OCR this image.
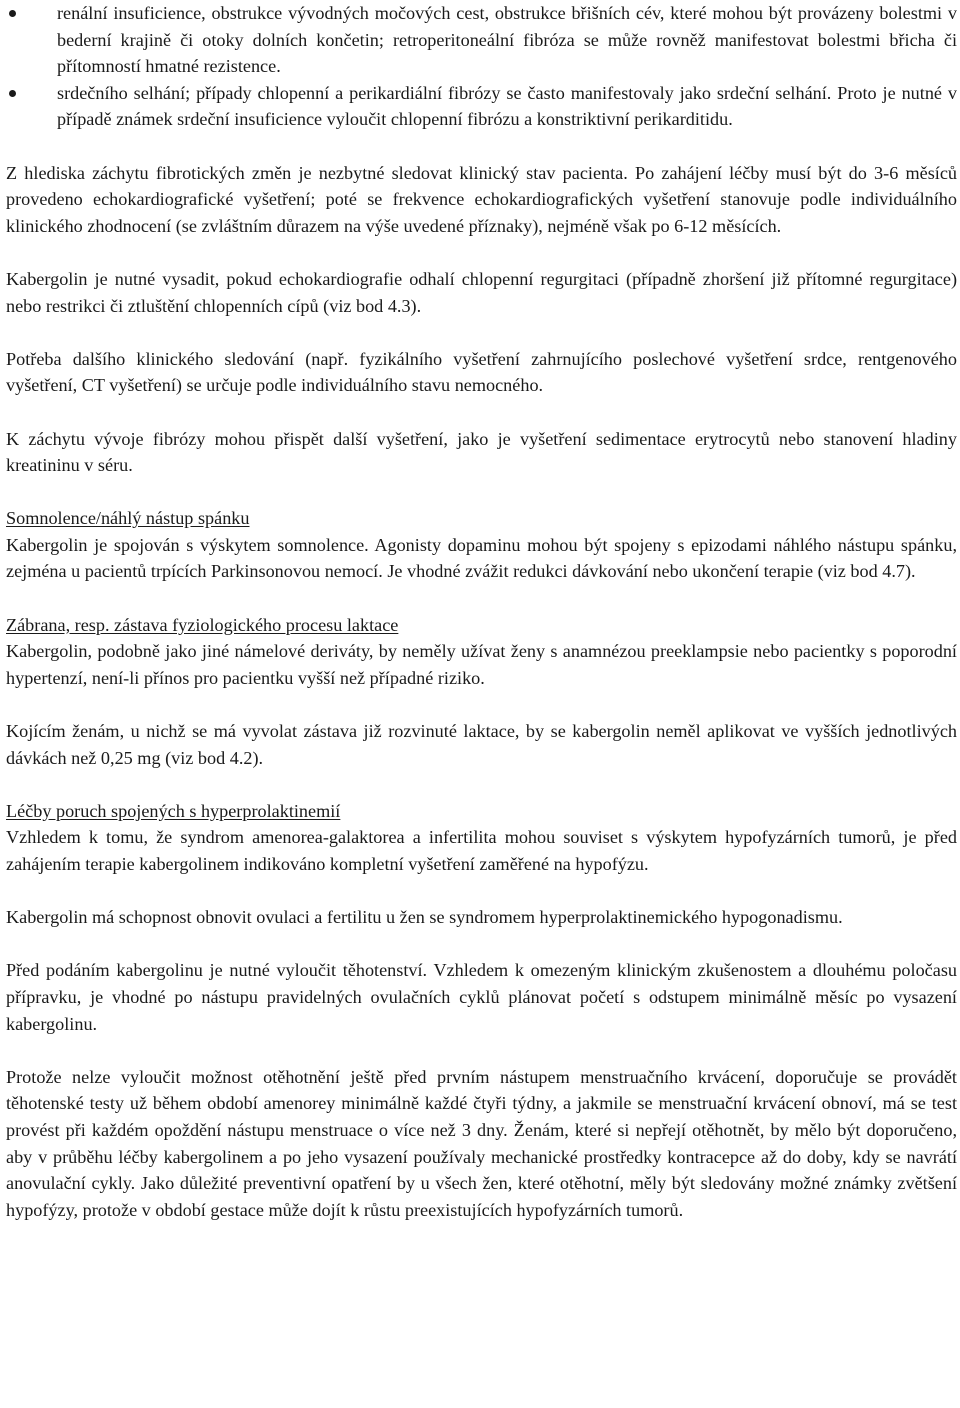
renální insuficience, obstrukce vývodných močových cest, obstrukce břišních cév, které mohou být provázeny bolestmi v bederní krajině či otoky dolních končetin; retroperitoneální fibróza se může rovněž manifestovat bolestmi břicha či přítomností hmatné rezistence.
srdečního selhání; případy chlopenní a perikardiální fibrózy se často manifestovaly jako srdeční selhání. Proto je nutné v případě známek srdeční insuficience vyloučit chlopenní fibrózu a konstriktivní perikarditidu.

Z hlediska záchytu fibrotických změn je nezbytné sledovat klinický stav pacienta. Po zahájení léčby musí být do 3-6 měsíců provedeno echokardiografické vyšetření; poté se frekvence echokardiografických vyšetření stanovuje podle individuálního klinického zhodnocení (se zvláštním důrazem na výše uvedené příznaky), nejméně však po 6-12 měsících.

Kabergolin je nutné vysadit, pokud echokardiografie odhalí chlopenní regurgitaci (případně zhoršení již přítomné regurgitace) nebo restrikci či ztluštění chlopenních cípů (viz bod 4.3).

Potřeba dalšího klinického sledování (např. fyzikálního vyšetření zahrnujícího poslechové vyšetření srdce, rentgenového vyšetření, CT vyšetření) se určuje podle individuálního stavu nemocného.

K záchytu vývoje fibrózy mohou přispět další vyšetření, jako je vyšetření sedimentace erytrocytů nebo stanovení hladiny kreatininu v séru.

Somnolence/náhlý nástup spánku

Kabergolin je spojován s výskytem somnolence. Agonisty dopaminu mohou být spojeny s epizodami náhlého nástupu spánku, zejména u pacientů trpících Parkinsonovou nemocí. Je vhodné zvážit redukci dávkování nebo ukončení terapie (viz bod 4.7).

Zábrana, resp. zástava fyziologického procesu laktace

Kabergolin, podobně jako jiné námelové deriváty, by neměly užívat ženy s anamnézou preeklampsie nebo pacientky s poporodní hypertenzí, není-li přínos pro pacientku vyšší než případné riziko.

Kojícím ženám, u nichž se má vyvolat zástava již rozvinuté laktace, by se kabergolin neměl aplikovat ve vyšších jednotlivých dávkách než 0,25 mg (viz bod 4.2).

Léčby poruch spojených s hyperprolaktinemií

Vzhledem k tomu, že syndrom amenorea-galaktorea a infertilita mohou souviset s výskytem hypofyzárních tumorů, je před zahájením terapie kabergolinem indikováno kompletní vyšetření zaměřené na hypofýzu.

Kabergolin má schopnost obnovit ovulaci a fertilitu u žen se syndromem hyperprolaktinemického hypogonadismu.

Před podáním kabergolinu je nutné vyloučit těhotenství. Vzhledem k omezeným klinickým zkušenostem a dlouhému poločasu přípravku, je vhodné po nástupu pravidelných ovulačních cyklů plánovat početí s odstupem minimálně měsíc po vysazení kabergolinu.

Protože nelze vyloučit možnost otěhotnění ještě před prvním nástupem menstruačního krvácení, doporučuje se provádět těhotenské testy už během období amenorey minimálně každé čtyři týdny, a jakmile se menstruační krvácení obnoví, má se test provést při každém opoždění nástupu menstruace o více než 3 dny. Ženám, které si nepřejí otěhotnět, by mělo být doporučeno, aby v průběhu léčby kabergolinem a po jeho vysazení používaly mechanické prostředky kontracepce až do doby, kdy se navrátí anovulační cykly. Jako důležité preventivní opatření by u všech žen, které otěhotní, měly být sledovány možné známky zvětšení hypofýzy, protože v období gestace může dojít k růstu preexistujících hypofyzárních tumorů.
